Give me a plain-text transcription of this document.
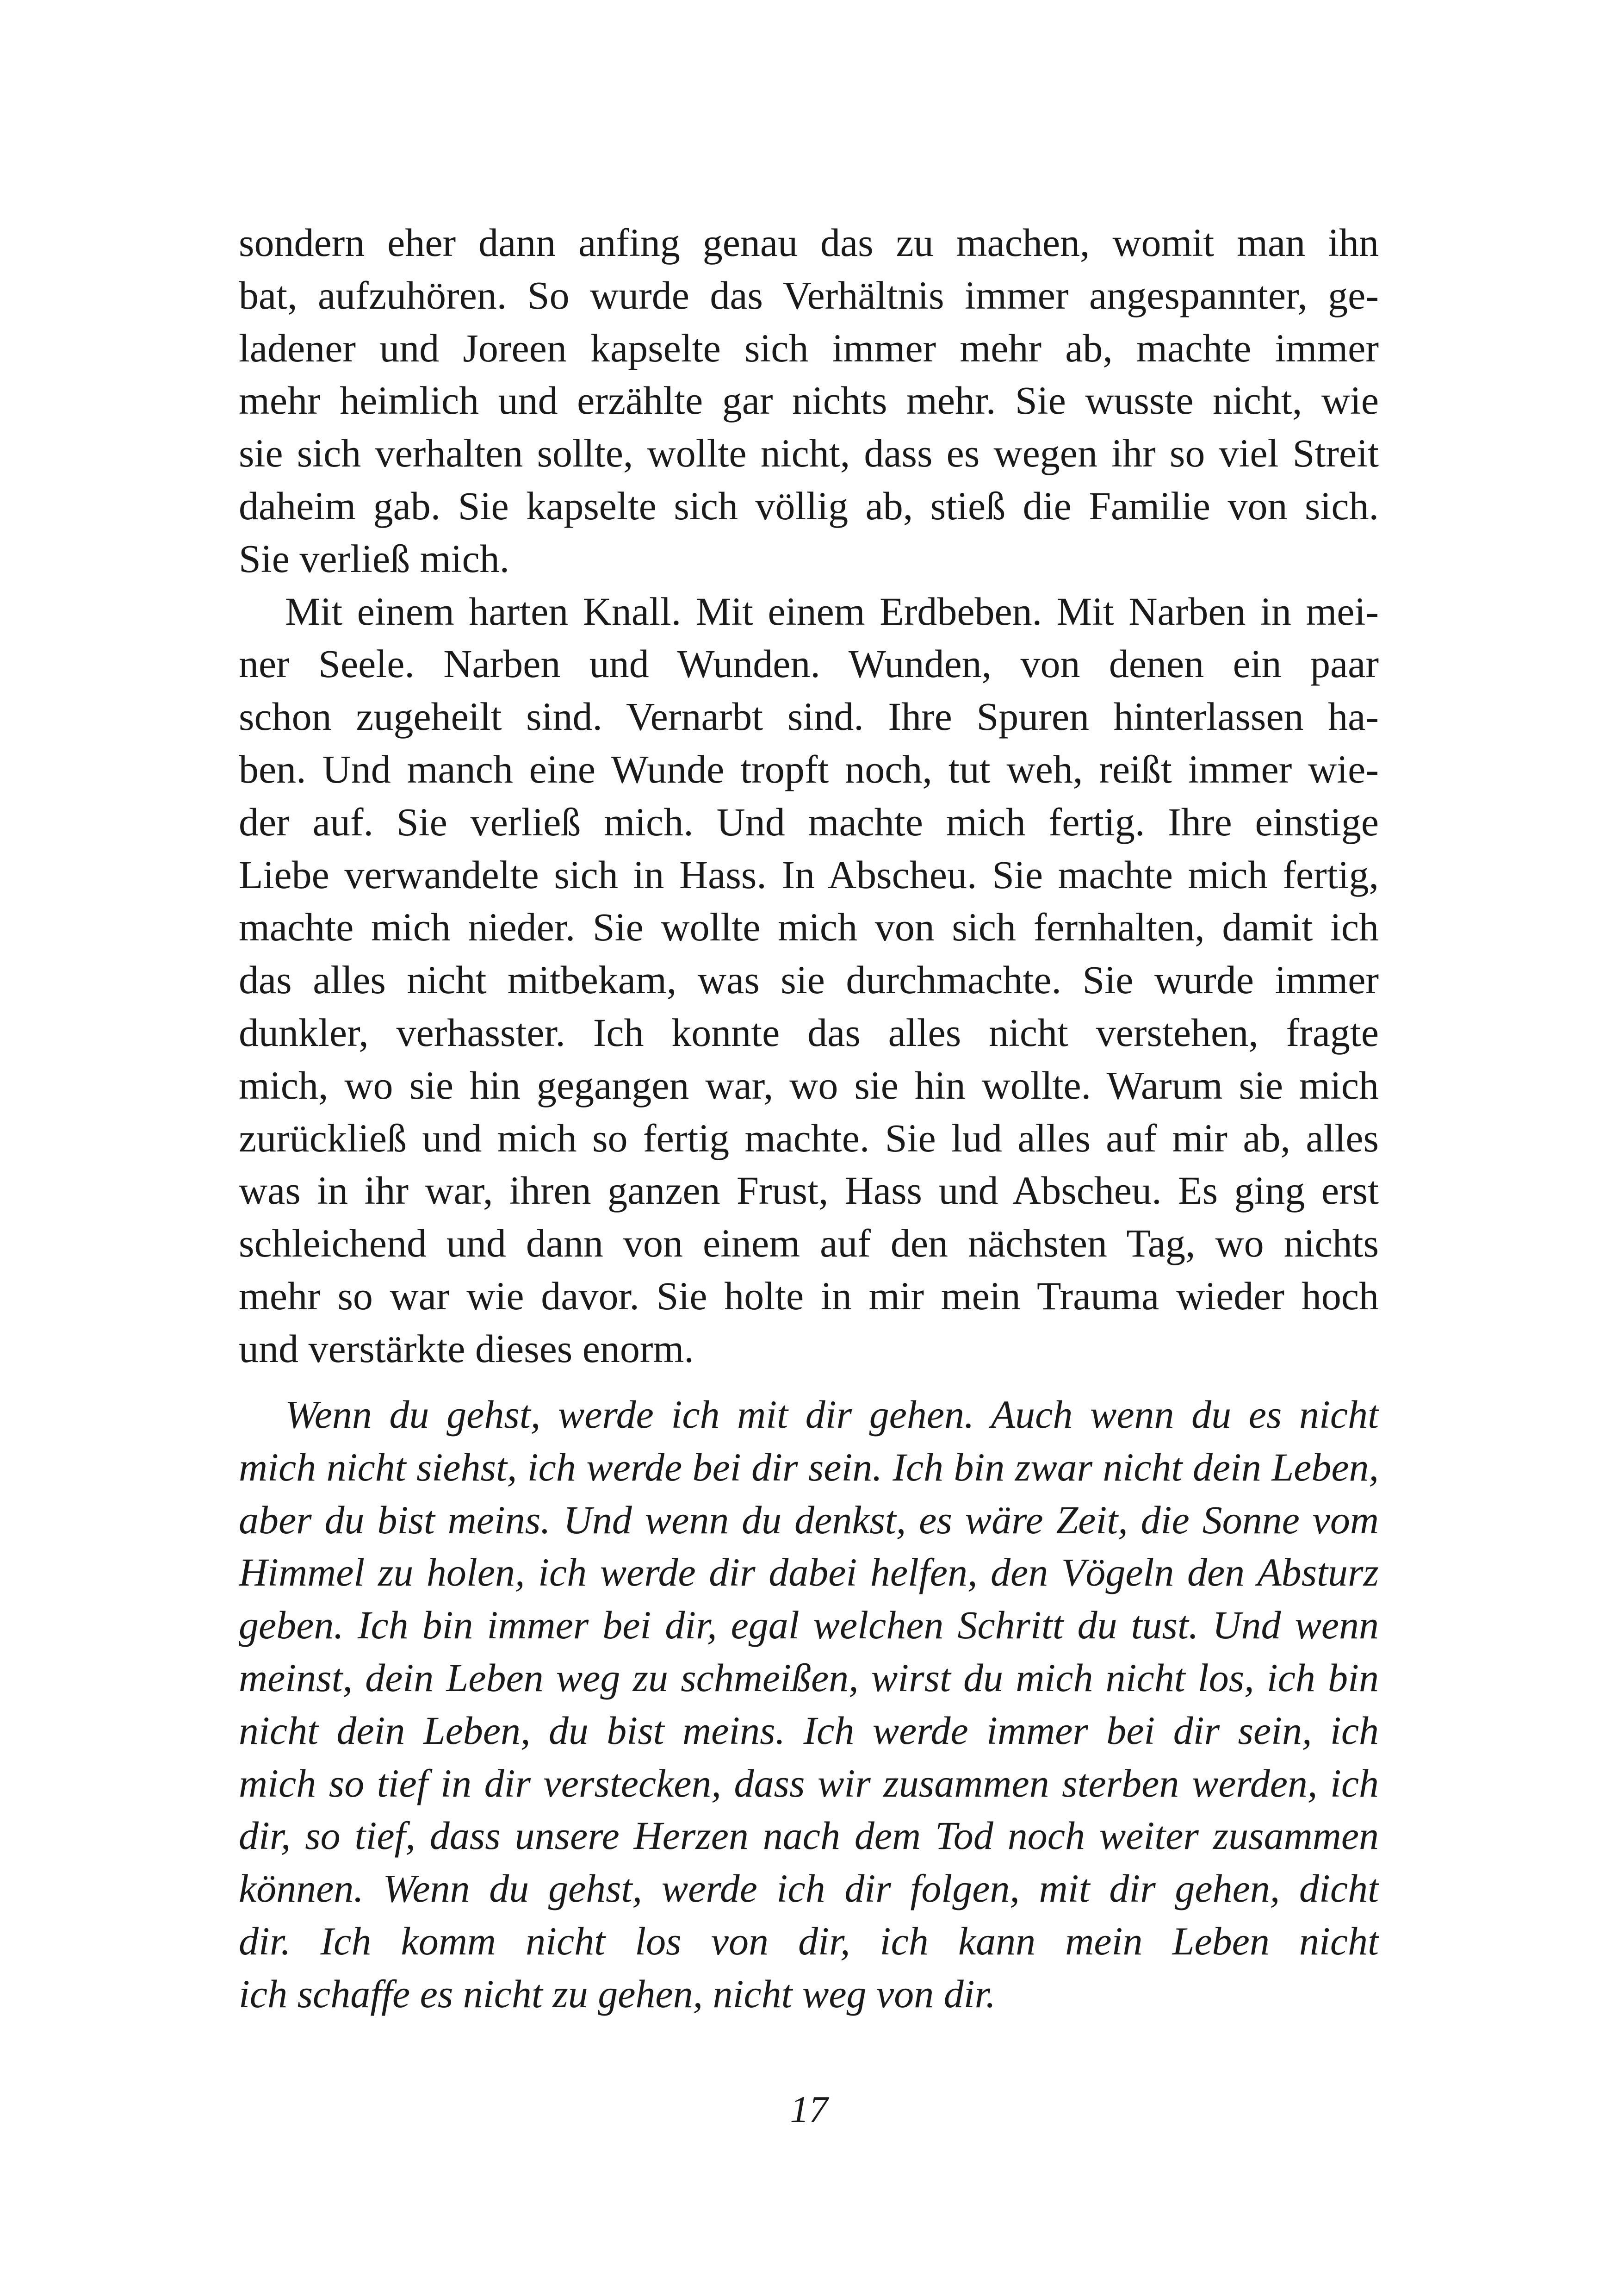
sondern eher dann anfing genau das zu machen, womit man ihn
bat, aufzuhören. So wurde das Verhältnis immer angespannter, ge-
ladener und Joreen kapselte sich immer mehr ab, machte immer
mehr heimlich und erzählte gar nichts mehr. Sie wusste nicht, wie
sie sich verhalten sollte, wollte nicht, dass es wegen ihr so viel Streit
daheim gab. Sie kapselte sich völlig ab, stieß die Familie von sich.
Sie verließ mich.
Mit einem harten Knall. Mit einem Erdbeben. Mit Narben in mei-
ner Seele. Narben und Wunden. Wunden, von denen ein paar
schon zugeheilt sind. Vernarbt sind. Ihre Spuren hinterlassen ha-
ben. Und manch eine Wunde tropft noch, tut weh, reißt immer wie-
der auf. Sie verließ mich. Und machte mich fertig. Ihre einstige
Liebe verwandelte sich in Hass. In Abscheu. Sie machte mich fertig,
machte mich nieder. Sie wollte mich von sich fernhalten, damit ich
das alles nicht mitbekam, was sie durchmachte. Sie wurde immer
dunkler, verhasster. Ich konnte das alles nicht verstehen, fragte
mich, wo sie hin gegangen war, wo sie hin wollte. Warum sie mich
zurückließ und mich so fertig machte. Sie lud alles auf mir ab, alles
was in ihr war, ihren ganzen Frust, Hass und Abscheu. Es ging erst
schleichend und dann von einem auf den nächsten Tag, wo nichts
mehr so war wie davor. Sie holte in mir mein Trauma wieder hoch
und verstärkte dieses enorm.
Wenn du gehst, werde ich mit dir gehen. Auch wenn du es nicht
mich nicht siehst, ich werde bei dir sein. Ich bin zwar nicht dein Leben,
aber du bist meins. Und wenn du denkst, es wäre Zeit, die Sonne vom
Himmel zu holen, ich werde dir dabei helfen, den Vögeln den Absturz
geben. Ich bin immer bei dir, egal welchen Schritt du tust. Und wenn
meinst, dein Leben weg zu schmeißen, wirst du mich nicht los, ich bin
nicht dein Leben, du bist meins. Ich werde immer bei dir sein, ich
mich so tief in dir verstecken, dass wir zusammen sterben werden, ich
dir, so tief, dass unsere Herzen nach dem Tod noch weiter zusammen
können. Wenn du gehst, werde ich dir folgen, mit dir gehen, dicht
dir. Ich komm nicht los von dir, ich kann mein Leben nicht
ich schaffe es nicht zu gehen, nicht weg von dir.
17
